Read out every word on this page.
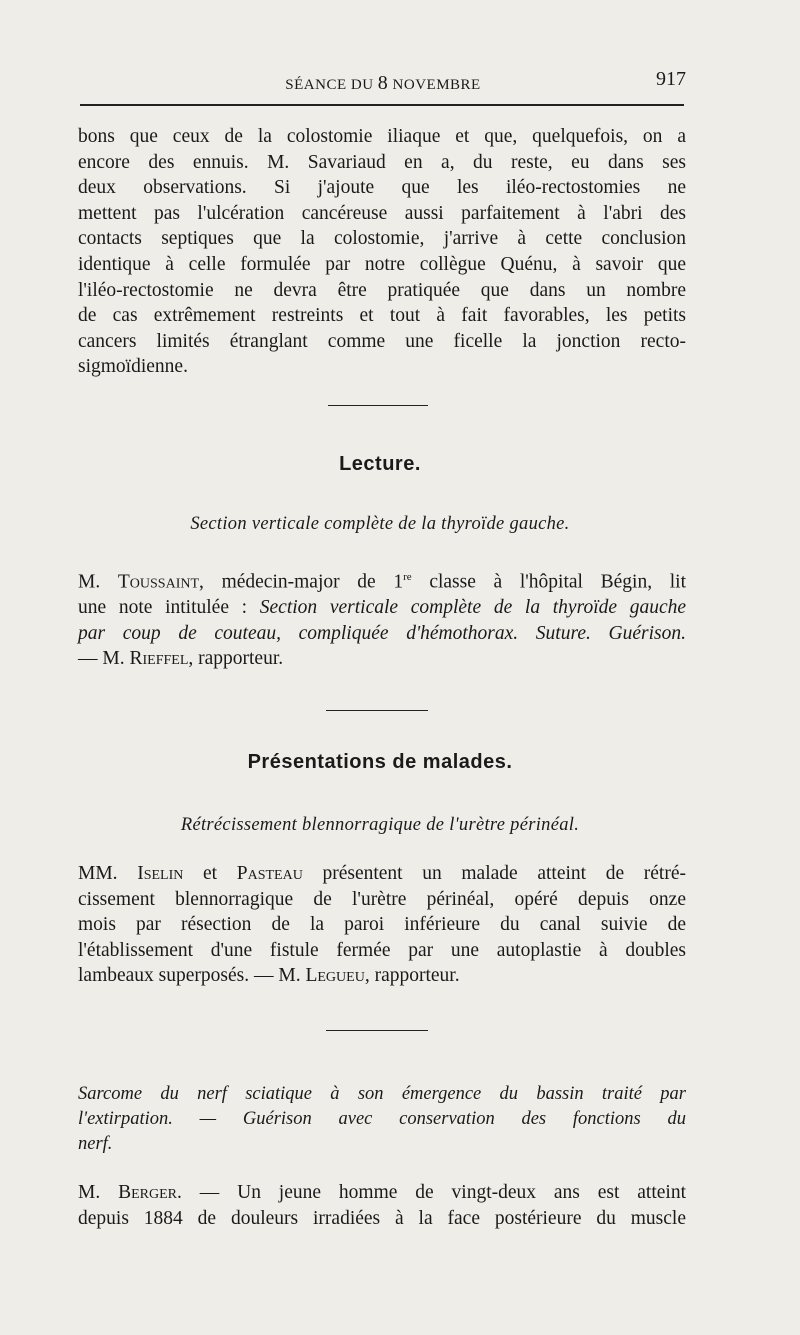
SÉANCE DU 8 NOVEMBRE	917
bons que ceux de la colostomie iliaque et que, quelquefois, on a
encore des ennuis. M. Savariaud en a, du reste, eu dans ses
deux observations. Si j'ajoute que les iléo-rectostomies ne
mettent pas l'ulcération cancéreuse aussi parfaitement à l'abri des
contacts septiques que la colostomie, j'arrive à cette conclusion
identique à celle formulée par notre collègue Quénu, à savoir que
l'iléo-rectostomie ne devra être pratiquée que dans un nombre
de cas extrêmement restreints et tout à fait favorables, les petits
cancers limités étranglant comme une ficelle la jonction recto-
sigmoïdienne.
Lecture.
Section verticale complète de la thyroïde gauche.
M. Toussaint, médecin-major de 1re classe à l'hôpital Bégin, lit
une note intitulée : Section verticale complète de la thyroïde gauche
par coup de couteau, compliquée d'hémothorax. Suture. Guérison.
— M. Rieffel, rapporteur.
Présentations de malades.
Rétrécissement blennorragique de l'urètre périnéal.
MM. Iselin et Pasteau présentent un malade atteint de rétré-
cissement blennorragique de l'urètre périnéal, opéré depuis onze
mois par résection de la paroi inférieure du canal suivie de
l'établissement d'une fistule fermée par une autoplastie à doubles
lambeaux superposés. — M. Legueu, rapporteur.
Sarcome du nerf sciatique à son émergence du bassin traité par
l'extirpation. — Guérison avec conservation des fonctions du
nerf.
M. Berger. — Un jeune homme de vingt-deux ans est atteint
depuis 1884 de douleurs irradiées à la face postérieure du muscle
